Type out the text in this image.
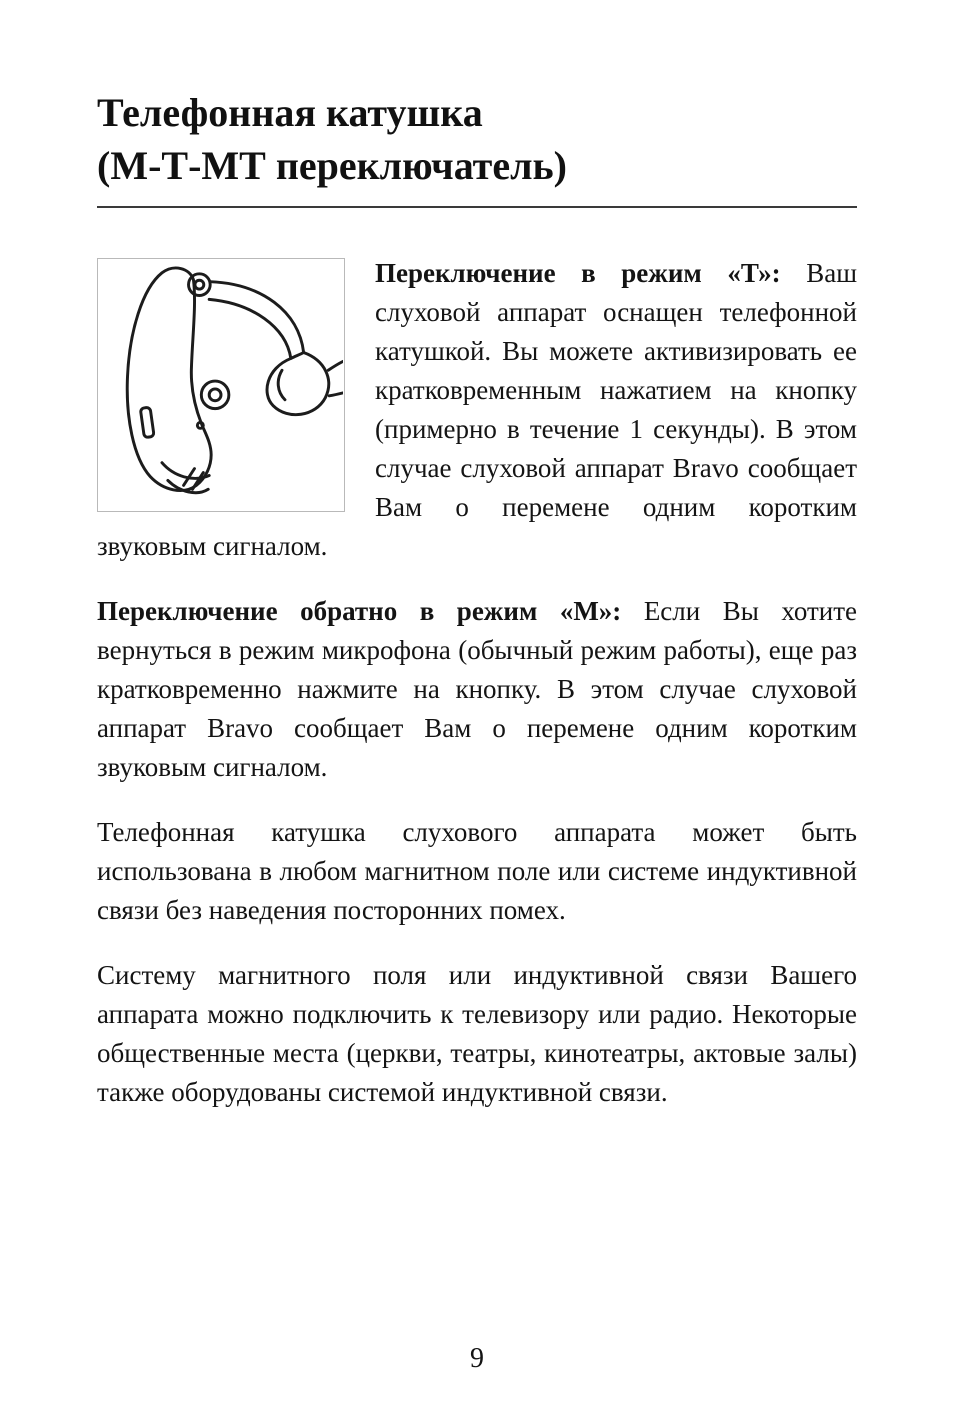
Телефонная катушка
(М-Т-МТ переключатель)

Переключение в режим «Т»: Ваш слуховой аппарат оснащен телефонной катушкой. Вы можете активизировать ее кратковременным нажатием на кнопку (примерно в течение 1 секунды). В этом случае слуховой аппарат Bravo сообщает Вам о перемене одним коротким звуковым сигналом.

Переключение обратно в режим «М»: Если Вы хотите вернуться в режим микрофона (обычный режим работы), еще раз кратковременно нажмите на кнопку. В этом случае слуховой аппарат Bravo сообщает Вам о перемене одним коротким звуковым сигналом.

Телефонная катушка слухового аппарата может быть использована в любом магнитном поле или системе индуктивной связи без наведения посторонних помех.

Систему магнитного поля или индуктивной связи Вашего аппарата можно подключить к телевизору или радио. Некоторые общественные места (церкви, театры, кинотеатры, актовые залы) также оборудованы системой индуктивной связи.

9
